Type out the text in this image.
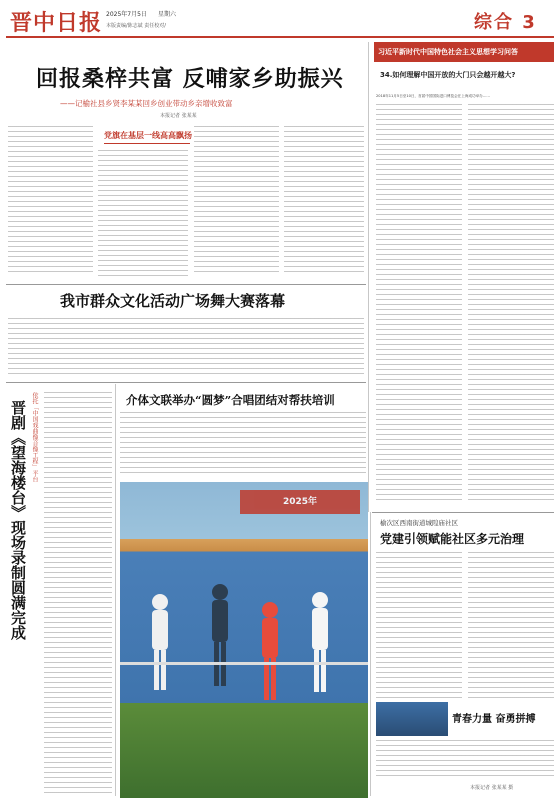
晋中日报 2025年7月5日 星期六
本版责编/陈志斌 责任校对/	综合 3
回报桑梓共富 反哺家乡助振兴
——记榆社县乡贤李某某回乡创业带动乡亲增收致富
本报记者 张某某
党旗在基层一线高高飘扬
习近平新时代中国特色社会主义思想学习问答
34.如何理解中国开放的大门只会越开越大?
2018年11月5日至10日，首届中国国际进口博览会在上海成功举办……
我市群众文化活动广场舞大赛落幕
依托「中国戏曲像音像工程」平台
晋剧《望海楼台》现场录制圆满完成	介体文联举办“圆梦”合唱团结对帮扶培训
2025年
榆次区西南街道城隍庙社区
党建引领赋能社区多元治理
青春力量 奋勇拼搏
本报记者 张某某 摄
